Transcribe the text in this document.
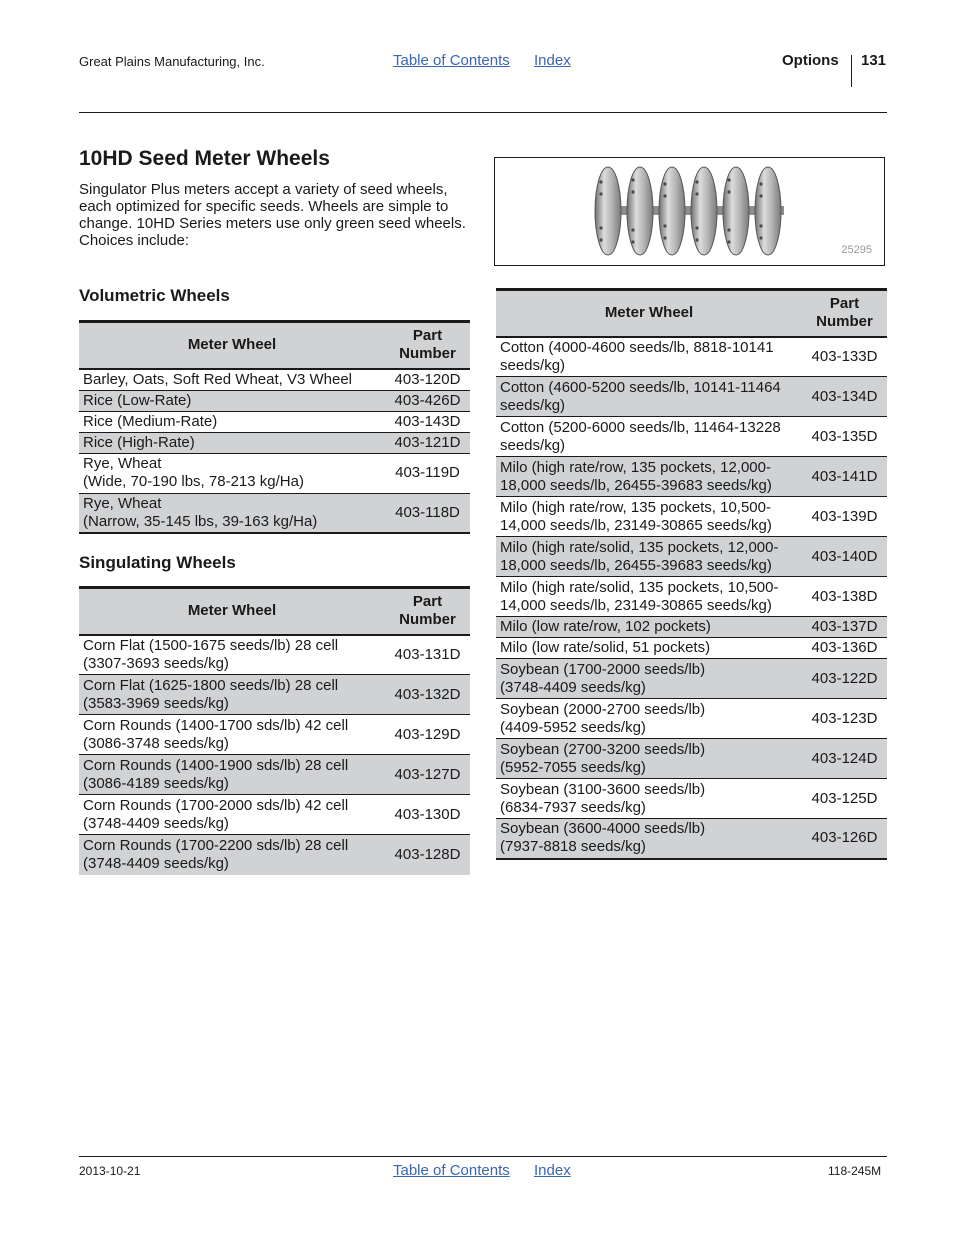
Great Plains Manufacturing, Inc.	Table of Contents Index	Options 131
10HD Seed Meter Wheels
Singulator Plus meters accept a variety of seed wheels, each optimized for specific seeds. Wheels are simple to change. 10HD Series meters use only green seed wheels. Choices include:
25295
Volumetric Wheels
Meter Wheel	Part Number
Barley, Oats, Soft Red Wheat, V3 Wheel	403-120D
Rice (Low-Rate)	403-426D
Rice (Medium-Rate)	403-143D
Rice (High-Rate)	403-121D
Rye, Wheat
(Wide, 70-190 lbs, 78-213 kg/Ha)	403-119D
Rye, Wheat
(Narrow, 35-145 lbs, 39-163 kg/Ha)	403-118D
Singulating Wheels
Meter Wheel	Part Number
Corn Flat (1500-1675 seeds/lb) 28 cell (3307-3693 seeds/kg)	403-131D
Corn Flat (1625-1800 seeds/lb) 28 cell (3583-3969 seeds/kg)	403-132D
Corn Rounds (1400-1700 sds/lb) 42 cell (3086-3748 seeds/kg)	403-129D
Corn Rounds (1400-1900 sds/lb) 28 cell (3086-4189 seeds/kg)	403-127D
Corn Rounds (1700-2000 sds/lb) 42 cell (3748-4409 seeds/kg)	403-130D
Corn Rounds (1700-2200 sds/lb) 28 cell (3748-4409 seeds/kg)	403-128D
Meter Wheel	Part Number
Cotton (4000-4600 seeds/lb, 8818-10141 seeds/kg)	403-133D
Cotton (4600-5200 seeds/lb, 10141-11464 seeds/kg)	403-134D
Cotton (5200-6000 seeds/lb, 11464-13228 seeds/kg)	403-135D
Milo (high rate/row, 135 pockets, 12,000-18,000 seeds/lb, 26455-39683 seeds/kg)	403-141D
Milo (high rate/row, 135 pockets, 10,500-14,000 seeds/lb, 23149-30865 seeds/kg)	403-139D
Milo (high rate/solid, 135 pockets, 12,000-18,000 seeds/lb, 26455-39683 seeds/kg)	403-140D
Milo (high rate/solid, 135 pockets, 10,500-14,000 seeds/lb, 23149-30865 seeds/kg)	403-138D
Milo (low rate/row, 102 pockets)	403-137D
Milo (low rate/solid, 51 pockets)	403-136D
Soybean (1700-2000 seeds/lb)
(3748-4409 seeds/kg)	403-122D
Soybean (2000-2700 seeds/lb)
(4409-5952 seeds/kg)	403-123D
Soybean (2700-3200 seeds/lb)
(5952-7055 seeds/kg)	403-124D
Soybean (3100-3600 seeds/lb)
(6834-7937 seeds/kg)	403-125D
Soybean (3600-4000 seeds/lb)
(7937-8818 seeds/kg)	403-126D
2013-10-21	Table of Contents Index	118-245M
